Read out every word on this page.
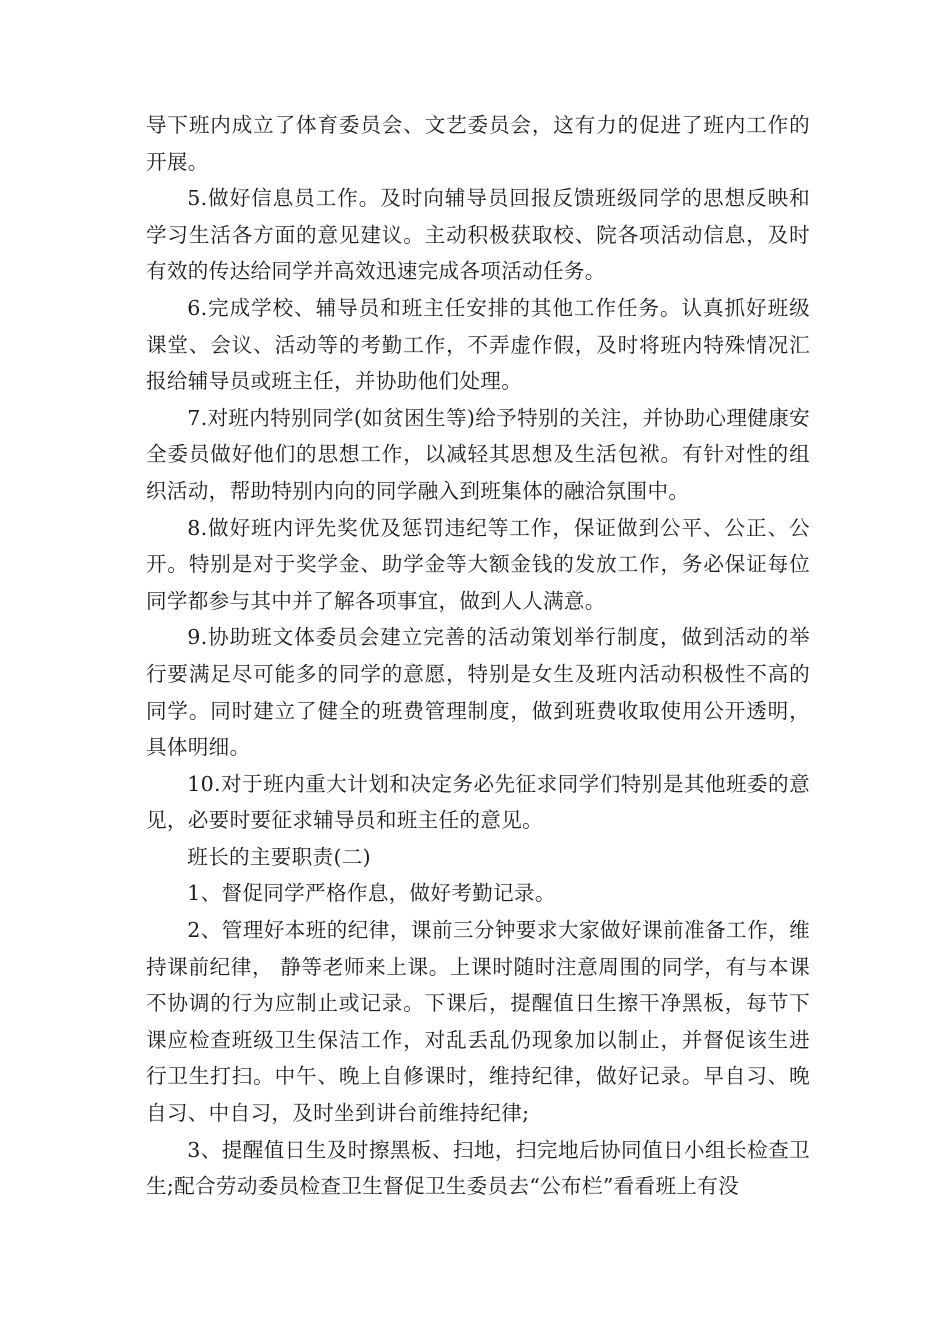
导下班内成立了体育委员会、文艺委员会，这有力的促进了班内工作的开展。

5.做好信息员工作。及时向辅导员回报反馈班级同学的思想反映和学习生活各方面的意见建议。主动积极获取校、院各项活动信息，及时有效的传达给同学并高效迅速完成各项活动任务。

6.完成学校、辅导员和班主任安排的其他工作任务。认真抓好班级课堂、会议、活动等的考勤工作，不弄虚作假，及时将班内特殊情况汇报给辅导员或班主任，并协助他们处理。

7.对班内特别同学(如贫困生等)给予特别的关注，并协助心理健康安全委员做好他们的思想工作，以减轻其思想及生活包袱。有针对性的组织活动，帮助特别内向的同学融入到班集体的融洽氛围中。

8.做好班内评先奖优及惩罚违纪等工作，保证做到公平、公正、公开。特别是对于奖学金、助学金等大额金钱的发放工作，务必保证每位同学都参与其中并了解各项事宜，做到人人满意。

9.协助班文体委员会建立完善的活动策划举行制度，做到活动的举行要满足尽可能多的同学的意愿，特别是女生及班内活动积极性不高的同学。同时建立了健全的班费管理制度，做到班费收取使用公开透明，具体明细。

10.对于班内重大计划和决定务必先征求同学们特别是其他班委的意见，必要时要征求辅导员和班主任的意见。

班长的主要职责(二)

1、督促同学严格作息，做好考勤记录。

2、管理好本班的纪律，课前三分钟要求大家做好课前准备工作，维持课前纪律， 静等老师来上课。上课时随时注意周围的同学，有与本课不协调的行为应制止或记录。下课后，提醒值日生擦干净黑板，每节下课应检查班级卫生保洁工作，对乱丢乱仍现象加以制止，并督促该生进行卫生打扫。中午、晚上自修课时，维持纪律，做好记录。早自习、晚自习、中自习，及时坐到讲台前维持纪律;

3、提醒值日生及时擦黑板、扫地，扫完地后协同值日小组长检查卫生;配合劳动委员检查卫生督促卫生委员去“公布栏”看看班上有没
